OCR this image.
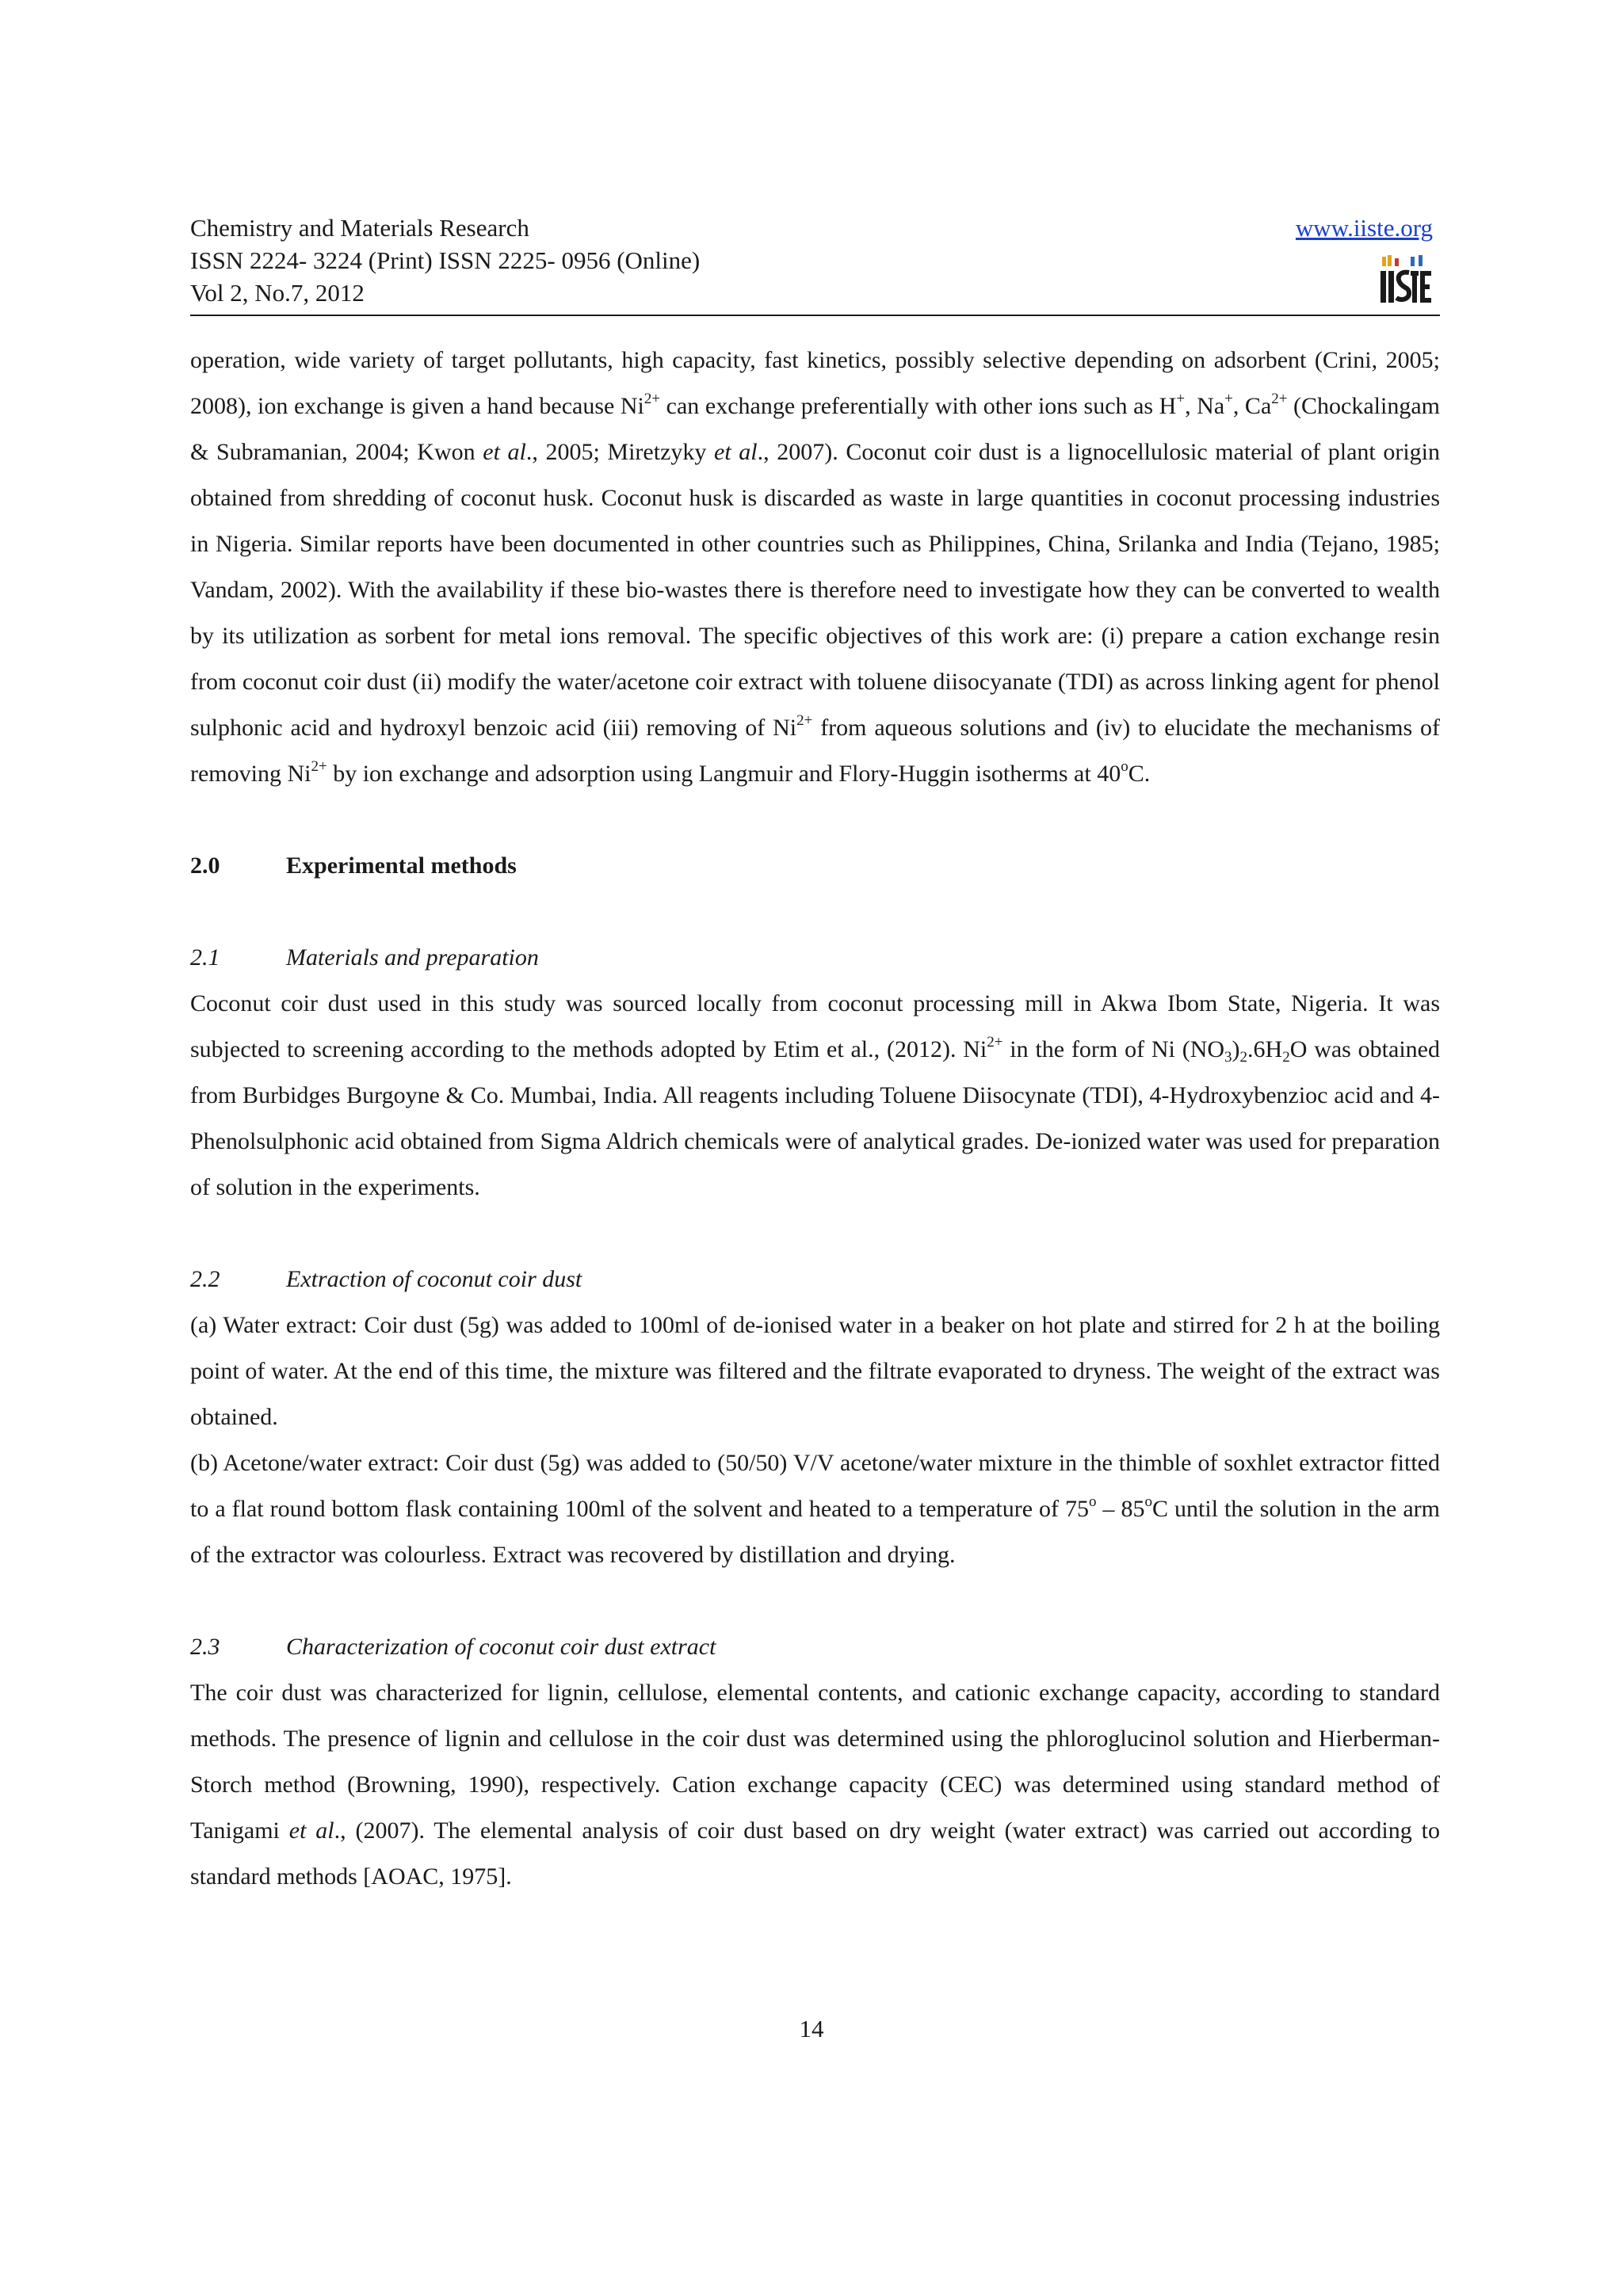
Chemistry and Materials Research
ISSN 2224- 3224 (Print) ISSN 2225- 0956 (Online)
Vol 2, No.7, 2012
www.iiste.org

operation, wide variety of target pollutants, high capacity, fast kinetics, possibly selective depending on adsorbent (Crini, 2005; 2008), ion exchange is given a hand because $Ni^{2+}$ can exchange preferentially with other ions such as H+, Na+, $Ca^{2+}$ (Chockalingam & Subramanian, 2004; Kwon et al., 2005; Miretzyky et al., 2007). Coconut coir dust is a lignocellulosic material of plant origin obtained from shredding of coconut husk. Coconut husk is discarded as waste in large quantities in coconut processing industries in Nigeria. Similar reports have been documented in other countries such as Philippines, China, Srilanka and India (Tejano, 1985; Vandam, 2002). With the availability if these bio-wastes there is therefore need to investigate how they can be converted to wealth by its utilization as sorbent for metal ions removal. The specific objectives of this work are: (i) prepare a cation exchange resin from coconut coir dust (ii) modify the water/acetone coir extract with toluene diisocyanate (TDI) as across linking agent for phenol sulphonic acid and hydroxyl benzoic acid (iii) removing of $Ni^{2+}$ from aqueous solutions and (iv) to elucidate the mechanisms of removing $Ni^{2+}$ by ion exchange and adsorption using Langmuir and Flory-Huggin isotherms at 40$^o$C.

2.0	Experimental methods
2.1	Materials and preparation

Coconut coir dust used in this study was sourced locally from coconut processing mill in Akwa Ibom State, Nigeria. It was subjected to screening according to the methods adopted by Etim et al., (2012). $Ni^{2+}$ in the form of Ni $(NO_3)_2.6H_2O$ was obtained from Burbidges Burgoyne & Co. Mumbai, India. All reagents including Toluene Diisocynate (TDI), 4-Hydroxybenzioc acid and 4-Phenolsulphonic acid obtained from Sigma Aldrich chemicals were of analytical grades. De-ionized water was used for preparation of solution in the experiments.

2.2	Extraction of coconut coir dust

(a) Water extract: Coir dust (5g) was added to 100ml of de-ionised water in a beaker on hot plate and stirred for 2 h at the boiling point of water. At the end of this time, the mixture was filtered and the filtrate evaporated to dryness. The weight of the extract was obtained.

(b) Acetone/water extract: Coir dust (5g) was added to (50/50) V/V acetone/water mixture in the thimble of soxhlet extractor fitted to a flat round bottom flask containing 100ml of the solvent and heated to a temperature of 75$^o$ – 85$^o$C until the solution in the arm of the extractor was colourless. Extract was recovered by distillation and drying.

2.3	Characterization of coconut coir dust extract

The coir dust was characterized for lignin, cellulose, elemental contents, and cationic exchange capacity, according to standard methods. The presence of lignin and cellulose in the coir dust was determined using the phloroglucinol solution and Hierberman-Storch method (Browning, 1990), respectively. Cation exchange capacity (CEC) was determined using standard method of Tanigami et al., (2007). The elemental analysis of coir dust based on dry weight (water extract) was carried out according to standard methods [AOAC, 1975].

14
